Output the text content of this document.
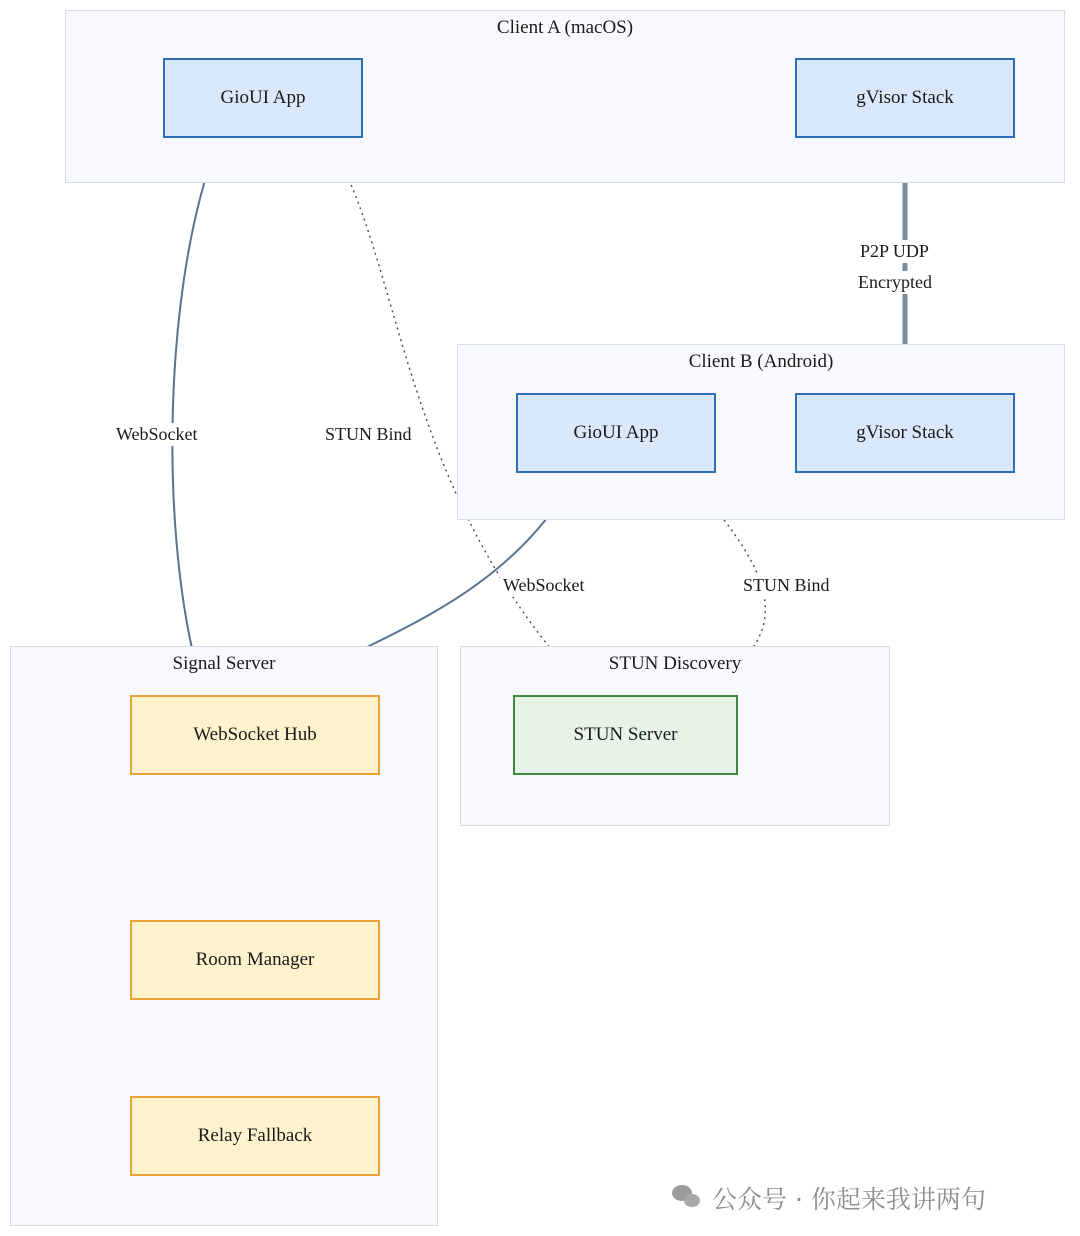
Client A (macOS)
Client B (Android)
Signal Server	STUN Discovery
GioUI App	gVisor Stack
GioUI App	gVisor Stack
WebSocket Hub
Room Manager
Relay Fallback
STUN Server
WebSocket	STUN Bind
WebSocket	STUN Bind
P2P UDP
Encrypted
公众号 · 你起来我讲两句
